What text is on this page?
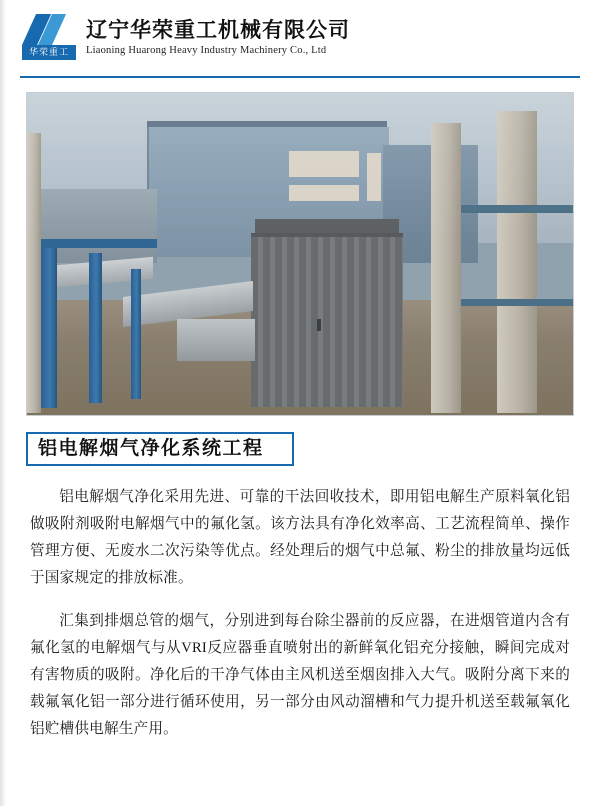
华荣重工
辽宁华荣重工机械有限公司
Liaoning Huarong Heavy Industry Machinery Co., Ltd
铝电解烟气净化系统工程

铝电解烟气净化采用先进、可靠的干法回收技术，即用铝电解生产原料氧化铝做吸附剂吸附电解烟气中的氟化氢。该方法具有净化效率高、工艺流程简单、操作管理方便、无废水二次污染等优点。经处理后的烟气中总氟、粉尘的排放量均远低于国家规定的排放标准。

汇集到排烟总管的烟气，分别进到每台除尘器前的反应器，在进烟管道内含有氟化氢的电解烟气与从VRI反应器垂直喷射出的新鲜氧化铝充分接触，瞬间完成对有害物质的吸附。净化后的干净气体由主风机送至烟囱排入大气。吸附分离下来的载氟氧化铝一部分进行循环使用，另一部分由风动溜槽和气力提升机送至载氟氧化铝贮槽供电解生产用。
